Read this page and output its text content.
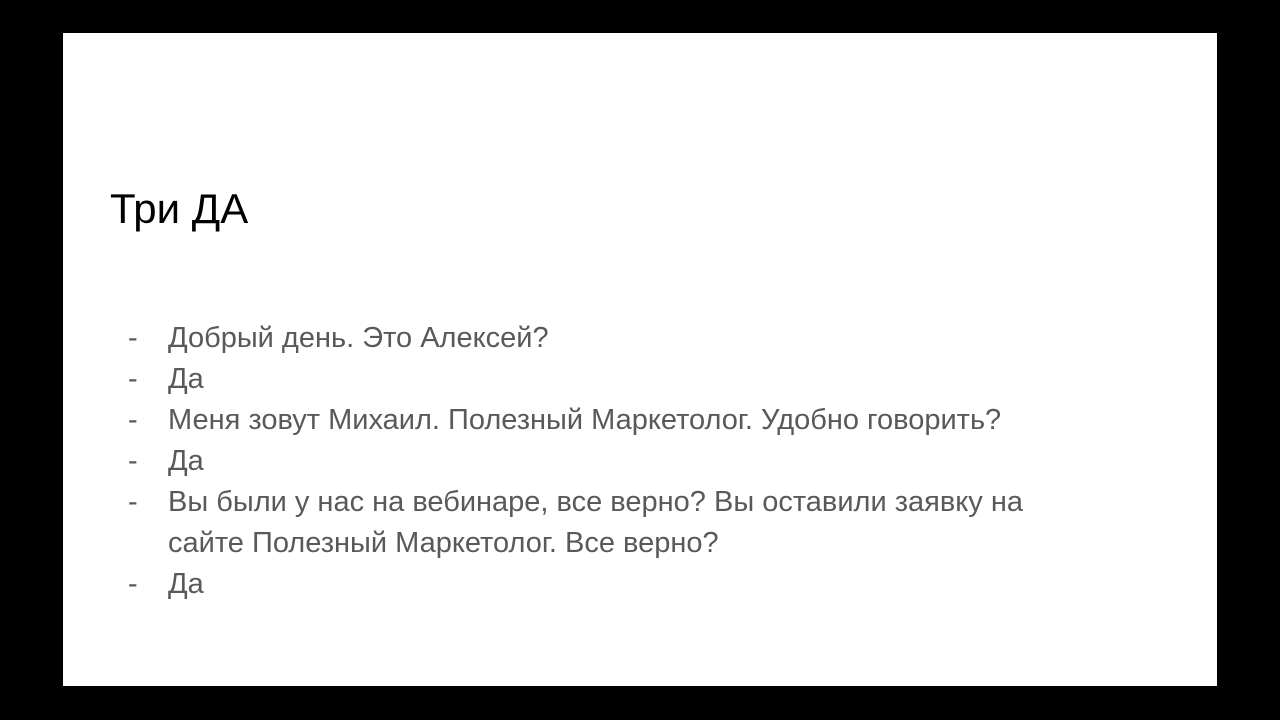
Три ДА
-	Добрый день. Это Алексей?
-	Да
-	Меня зовут Михаил. Полезный Маркетолог. Удобно говорить?
-	Да
-	Вы были у нас на вебинаре, все верно? Вы оставили заявку на
сайте Полезный Маркетолог. Все верно?
-	Да
